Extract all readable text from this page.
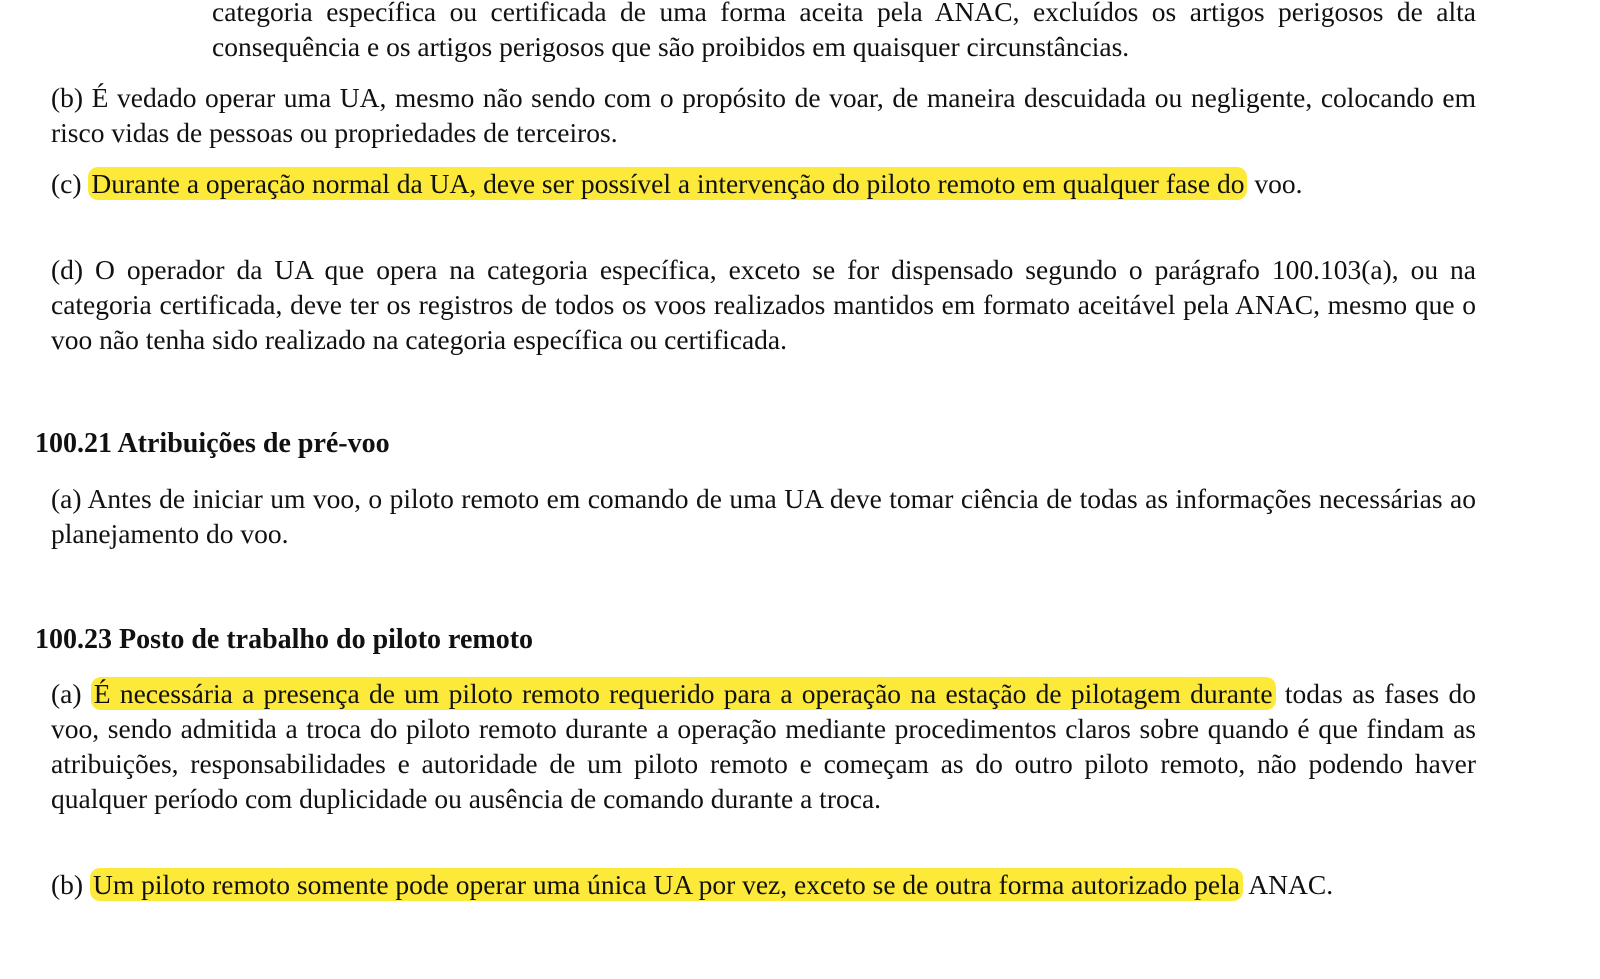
categoria específica ou certificada de uma forma aceita pela ANAC, excluídos os artigos perigosos de alta consequência e os artigos perigosos que são proibidos em quaisquer circunstâncias.

(b) É vedado operar uma UA, mesmo não sendo com o propósito de voar, de maneira descuidada ou negligente, colocando em risco vidas de pessoas ou propriedades de terceiros.

(c) Durante a operação normal da UA, deve ser possível a intervenção do piloto remoto em qualquer fase do voo.

(d) O operador da UA que opera na categoria específica, exceto se for dispensado segundo o parágrafo 100.103(a), ou na categoria certificada, deve ter os registros de todos os voos realizados mantidos em formato aceitável pela ANAC, mesmo que o voo não tenha sido realizado na categoria específica ou certificada.

100.21 Atribuições de pré-voo

(a) Antes de iniciar um voo, o piloto remoto em comando de uma UA deve tomar ciência de todas as informações necessárias ao planejamento do voo.

100.23 Posto de trabalho do piloto remoto

(a) É necessária a presença de um piloto remoto requerido para a operação na estação de pilotagem durante todas as fases do voo, sendo admitida a troca do piloto remoto durante a operação mediante procedimentos claros sobre quando é que findam as atribuições, responsabilidades e autoridade de um piloto remoto e começam as do outro piloto remoto, não podendo haver qualquer período com duplicidade ou ausência de comando durante a troca.

(b) Um piloto remoto somente pode operar uma única UA por vez, exceto se de outra forma autorizado pela ANAC.
